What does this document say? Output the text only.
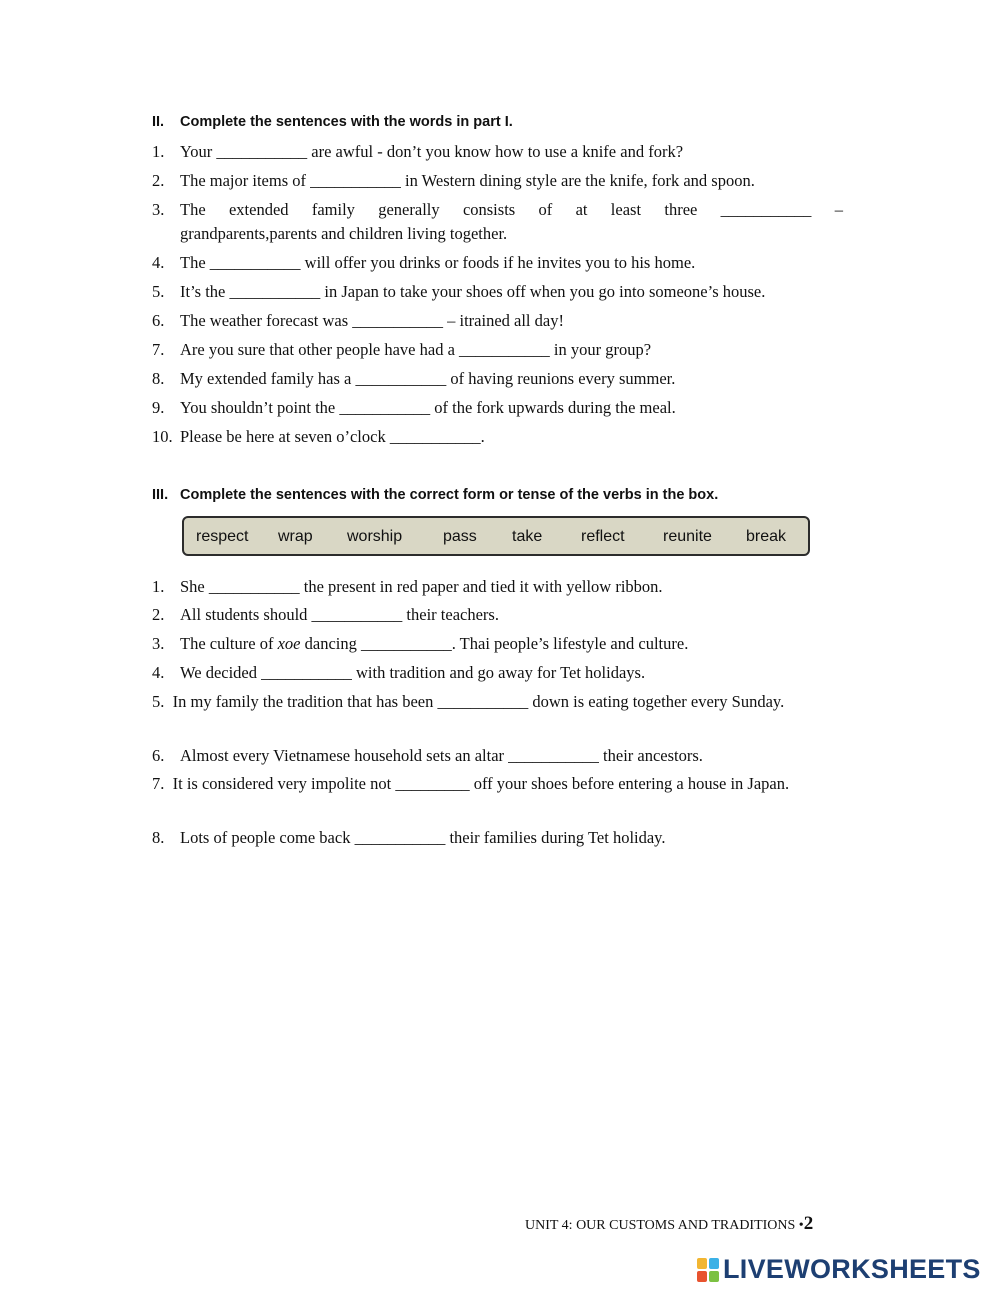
II. Complete the sentences with the words in part I.
1. Your ___________ are awful - don’t you know how to use a knife and fork?
2. The major items of ___________ in Western dining style are the knife, fork and spoon.
3. The extended family generally consists of at least three ___________ –
grandparents,parents and children living together.
4. The ___________ will offer you drinks or foods if he invites you to his home.
5. It’s the ___________ in Japan to take your shoes off when you go into someone’s house.
6. The weather forecast was ___________ – itrained all day!
7. Are you sure that other people have had a ___________ in your group?
8. My extended family has a ___________ of having reunions every summer.
9. You shouldn’t point the ___________ of the fork upwards during the meal.
10. Please be here at seven o’clock ___________.
III. Complete the sentences with the correct form or tense of the verbs in the box.
respect wrap worship	pass take reflect reunite break
1. She ___________ the present in red paper and tied it with yellow ribbon.
2. All students should ___________ their teachers.
3. The culture of xoe dancing ___________. Thai people’s lifestyle and culture.
4. We decided ___________ with tradition and go away for Tet holidays.
5. In my family the tradition that has been ___________ down is eating together every Sunday.
6. Almost every Vietnamese household sets an altar ___________ their ancestors.
7. It is considered very impolite not _________ off your shoes before entering a house in Japan.
8. Lots of people come back ___________ their families during Tet holiday.
UNIT 4: OUR CUSTOMS AND TRADITIONS •2
LIVEWORKSHEETS
